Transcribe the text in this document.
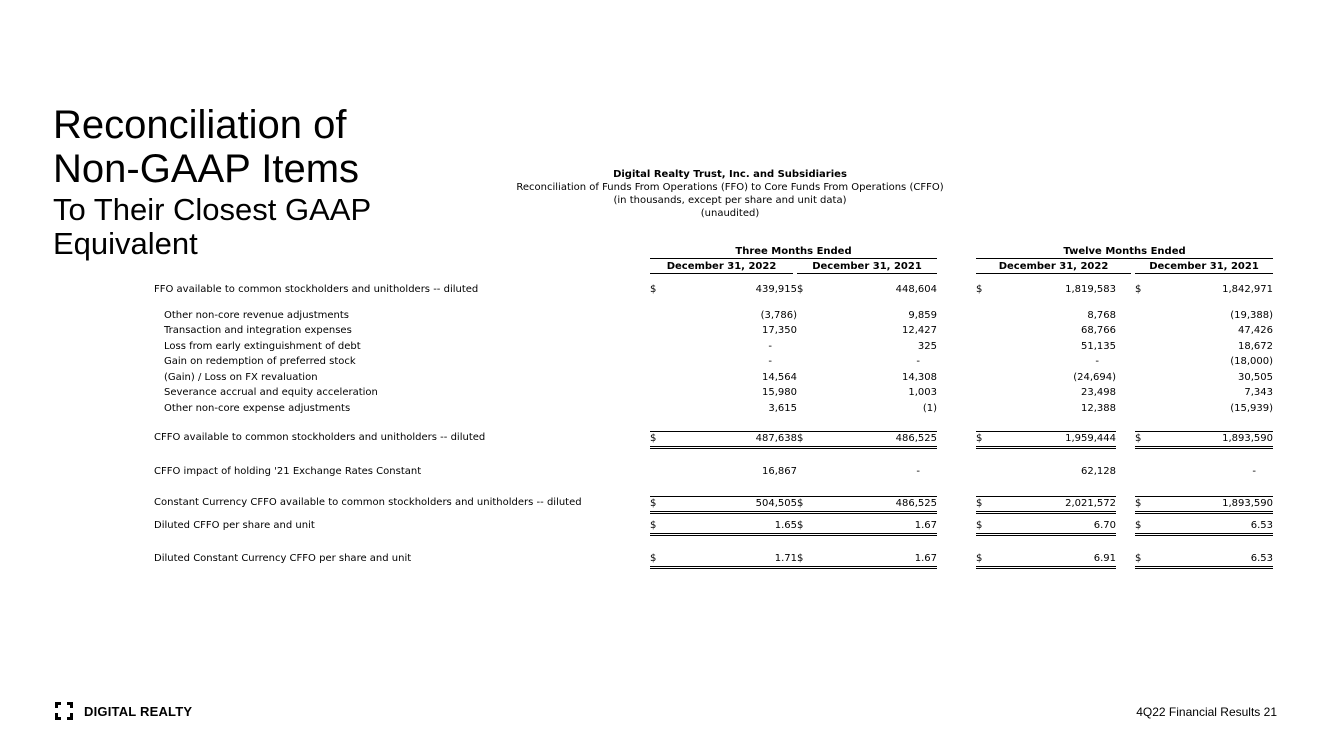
Reconciliation of
Non-GAAP Items
To Their Closest GAAP
Equivalent
Digital Realty Trust, Inc. and Subsidiaries
Reconciliation of Funds From Operations (FFO) to Core Funds From Operations (CFFO)
(in thousands, except per share and unit data)
(unaudited)
Three Months Ended	Twelve Months Ended
December 31, 2022	December 31, 2021	December 31, 2022	December 31, 2021
FFO available to common stockholders and unitholders -- diluted	$	439,915 $	448,604	$	1,819,583 $	1,842,971
Other non-core revenue adjustments	(3,786)	9,859	8,768	(19,388)
Transaction and integration expenses	17,350	12,427	68,766	47,426
Loss from early extinguishment of debt	-	325	51,135	18,672
Gain on redemption of preferred stock	-	-	-	(18,000)
(Gain) / Loss on FX revaluation	14,564	14,308	(24,694)	30,505
Severance accrual and equity acceleration	15,980	1,003	23,498	7,343
Other non-core expense adjustments	3,615	(1)	12,388	(15,939)
CFFO available to common stockholders and unitholders -- diluted	$	487,638 $	486,525	$	1,959,444 $	1,893,590
CFFO impact of holding '21 Exchange Rates Constant	16,867	-	62,128	-
Constant Currency CFFO available to common stockholders and unitholders -- diluted	$	504,505 $	486,525	$	2,021,572 $	1,893,590
Diluted CFFO per share and unit	$	1.65 $	1.67	$	6.70 $	6.53
Diluted Constant Currency CFFO per share and unit	$	1.71 $	1.67	$	6.91 $	6.53
DIGITAL REALTY	4Q22 Financial Results 21
